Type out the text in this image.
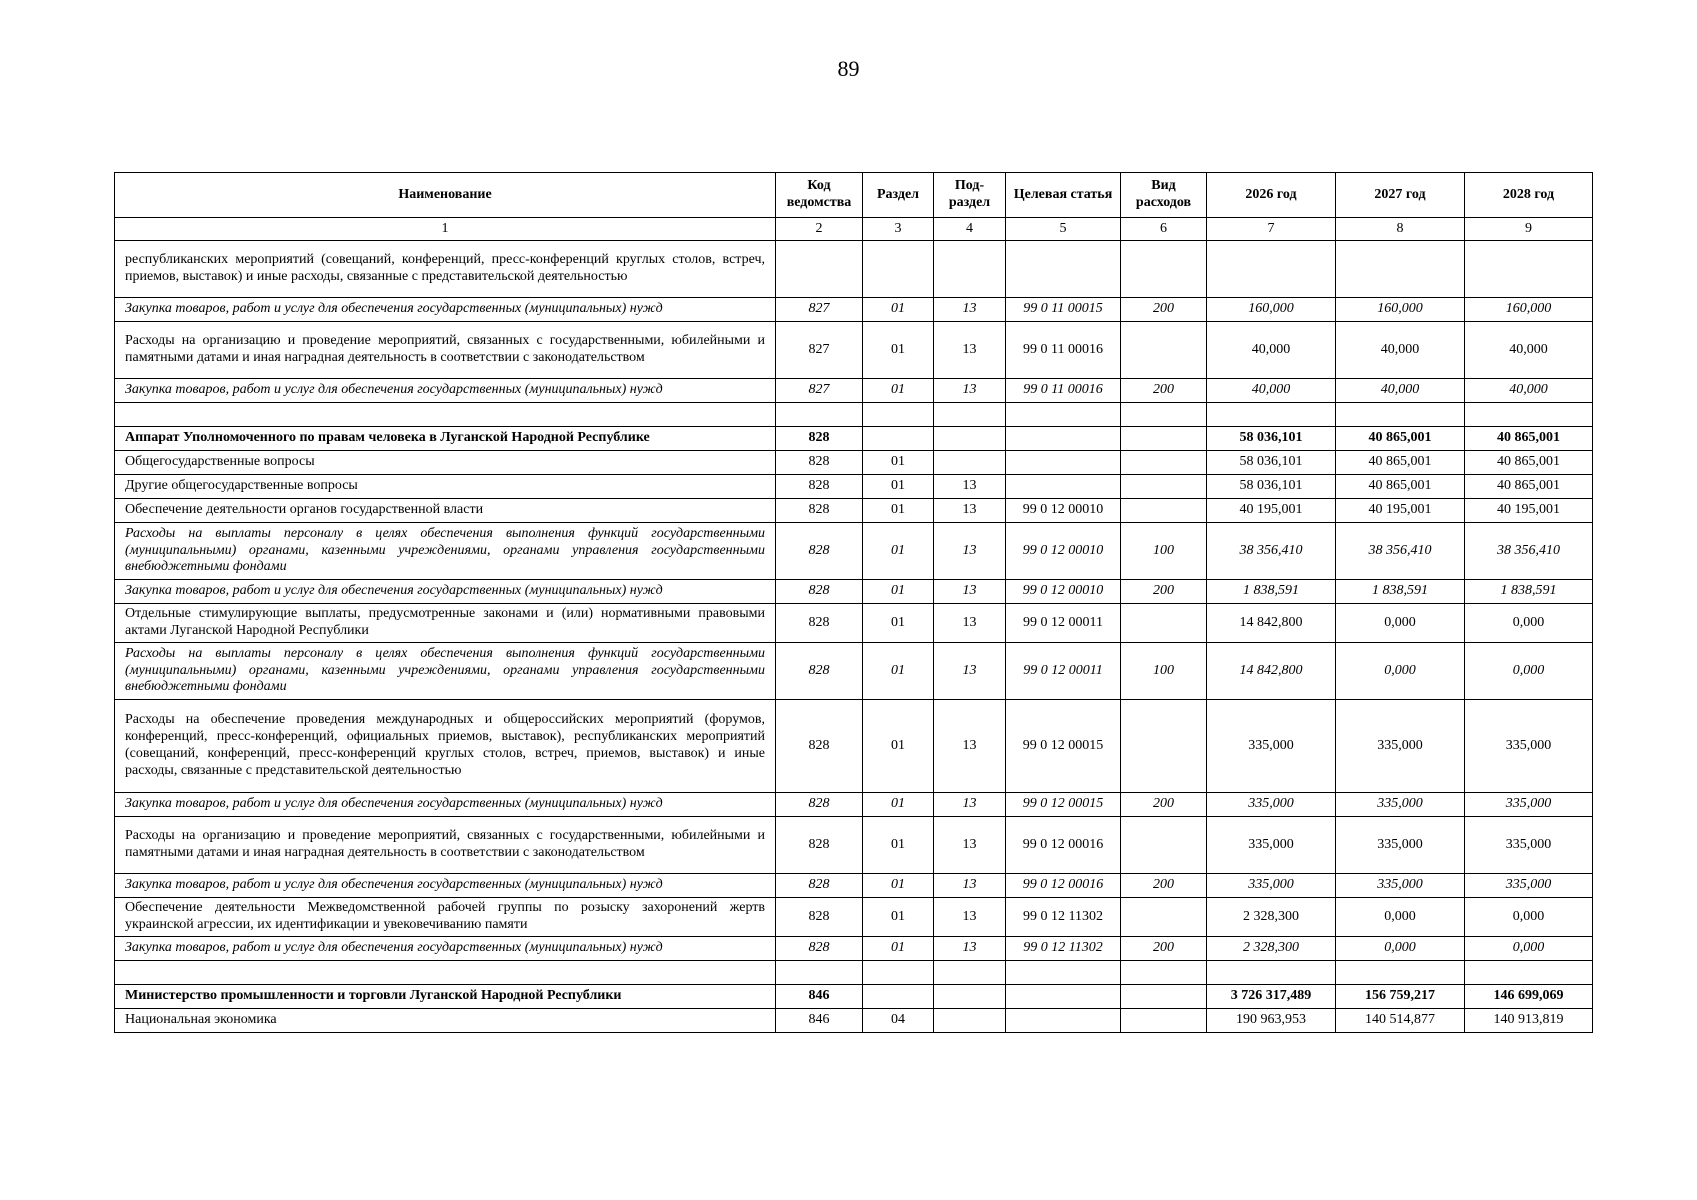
89
Наименование	Код ведомства	Раздел	Под-раздел	Целевая статья	Вид расходов	2026 год	2027 год	2028 год
1	2	3	4	5	6	7	8	9
республиканских мероприятий (совещаний, конференций, пресс-конференций круглых столов, встреч, приемов, выставок) и иные расходы, связанные с представительской деятельностью								
Закупка товаров, работ и услуг для обеспечения государственных (муниципальных) нужд	827	01	13	99 0 11 00015	200	160,000	160,000	160,000
Расходы на организацию и проведение мероприятий, связанных с государственными, юбилейными и памятными датами и иная наградная деятельность в соответствии с законодательством	827	01	13	99 0 11 00016		40,000	40,000	40,000
Закупка товаров, работ и услуг для обеспечения государственных (муниципальных) нужд	827	01	13	99 0 11 00016	200	40,000	40,000	40,000

Аппарат Уполномоченного по правам человека в Луганской Народной Республике	828					58 036,101	40 865,001	40 865,001
Общегосударственные вопросы	828	01				58 036,101	40 865,001	40 865,001
Другие общегосударственные вопросы	828	01	13			58 036,101	40 865,001	40 865,001
Обеспечение деятельности органов государственной власти	828	01	13	99 0 12 00010		40 195,001	40 195,001	40 195,001
Расходы на выплаты персоналу в целях обеспечения выполнения функций государственными (муниципальными) органами, казенными учреждениями, органами управления государственными внебюджетными фондами	828	01	13	99 0 12 00010	100	38 356,410	38 356,410	38 356,410
Закупка товаров, работ и услуг для обеспечения государственных (муниципальных) нужд	828	01	13	99 0 12 00010	200	1 838,591	1 838,591	1 838,591
Отдельные стимулирующие выплаты, предусмотренные законами и (или) нормативными правовыми актами Луганской Народной Республики	828	01	13	99 0 12 00011		14 842,800	0,000	0,000
Расходы на выплаты персоналу в целях обеспечения выполнения функций государственными (муниципальными) органами, казенными учреждениями, органами управления государственными внебюджетными фондами	828	01	13	99 0 12 00011	100	14 842,800	0,000	0,000
Расходы на обеспечение проведения международных и общероссийских мероприятий (форумов, конференций, пресс-конференций, официальных приемов, выставок), республиканских мероприятий (совещаний, конференций, пресс-конференций круглых столов, встреч, приемов, выставок) и иные расходы, связанные с представительской деятельностью	828	01	13	99 0 12 00015		335,000	335,000	335,000
Закупка товаров, работ и услуг для обеспечения государственных (муниципальных) нужд	828	01	13	99 0 12 00015	200	335,000	335,000	335,000
Расходы на организацию и проведение мероприятий, связанных с государственными, юбилейными и памятными датами и иная наградная деятельность в соответствии с законодательством	828	01	13	99 0 12 00016		335,000	335,000	335,000
Закупка товаров, работ и услуг для обеспечения государственных (муниципальных) нужд	828	01	13	99 0 12 00016	200	335,000	335,000	335,000
Обеспечение деятельности Межведомственной рабочей группы по розыску захоронений жертв украинской агрессии, их идентификации и увековечиванию памяти	828	01	13	99 0 12 11302		2 328,300	0,000	0,000
Закупка товаров, работ и услуг для обеспечения государственных (муниципальных) нужд	828	01	13	99 0 12 11302	200	2 328,300	0,000	0,000

Министерство промышленности и торговли Луганской Народной Республики	846					3 726 317,489	156 759,217	146 699,069
Национальная экономика	846	04				190 963,953	140 514,877	140 913,819
